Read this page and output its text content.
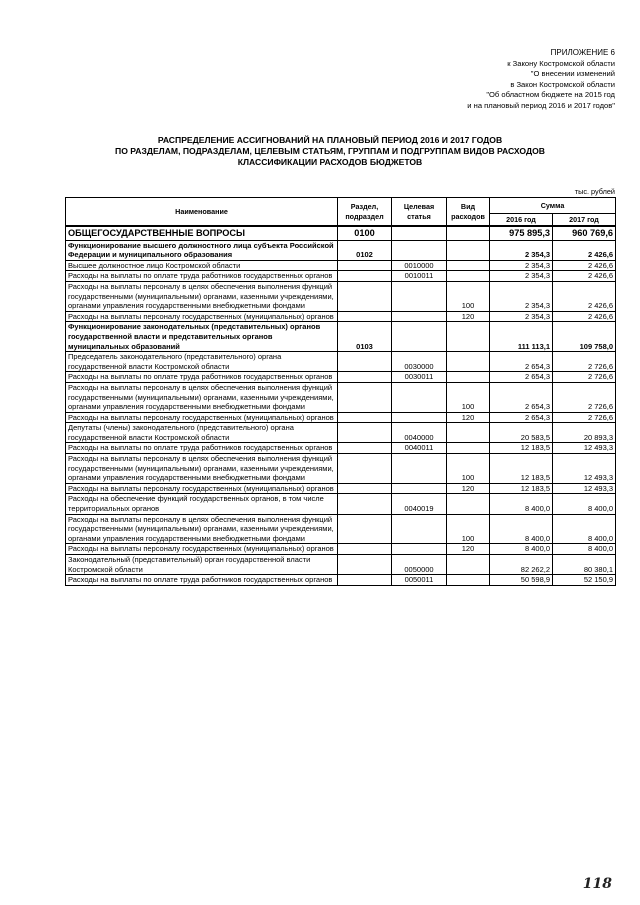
ПРИЛОЖЕНИЕ 6
к Закону Костромской области
"О внесении изменений
в Закон Костромской области
"Об областном бюджете на 2015 год
и на плановый период 2016 и 2017 годов"
РАСПРЕДЕЛЕНИЕ АССИГНОВАНИЙ НА ПЛАНОВЫЙ ПЕРИОД 2016 И 2017 ГОДОВ
ПО РАЗДЕЛАМ, ПОДРАЗДЕЛАМ, ЦЕЛЕВЫМ СТАТЬЯМ, ГРУППАМ И ПОДГРУППАМ ВИДОВ РАСХОДОВ
КЛАССИФИКАЦИИ РАСХОДОВ БЮДЖЕТОВ
тыс. рублей
Наименование	Раздел, подраздел	Целевая статья	Вид расходов	Сумма	
				2016 год	2017 год
ОБЩЕГОСУДАРСТВЕННЫЕ ВОПРОСЫ	0100			975 895,3	960 769,6
Функционирование высшего должностного лица субъекта Российской Федерации и муниципального образования	0102			2 354,3	2 426,6
Высшее должностное лицо Костромской области		0010000		2 354,3	2 426,6
Расходы на выплаты по оплате труда работников государственных органов		0010011		2 354,3	2 426,6
Расходы на выплаты персоналу в целях обеспечения выполнения функций государственными (муниципальными) органами, казенными учреждениями, органами управления государственными внебюджетными фондами			100	2 354,3	2 426,6
Расходы на выплаты персоналу государственных (муниципальных) органов			120	2 354,3	2 426,6
Функционирование законодательных (представительных) органов государственной власти и представительных органов муниципальных образований	0103			111 113,1	109 758,0
Председатель законодательного (представительного) органа государственной власти Костромской области		0030000		2 654,3	2 726,6
Расходы на выплаты по оплате труда работников государственных органов		0030011		2 654,3	2 726,6
Расходы на выплаты персоналу в целях обеспечения выполнения функций государственными (муниципальными) органами, казенными учреждениями, органами управления государственными внебюджетными фондами			100	2 654,3	2 726,6
Расходы на выплаты персоналу государственных (муниципальных) органов			120	2 654,3	2 726,6
Депутаты (члены) законодательного (представительного) органа государственной власти Костромской области		0040000		20 583,5	20 893,3
Расходы на выплаты по оплате труда работников государственных органов		0040011		12 183,5	12 493,3
Расходы на выплаты персоналу в целях обеспечения выполнения функций государственными (муниципальными) органами, казенными учреждениями, органами управления государственными внебюджетными фондами			100	12 183,5	12 493,3
Расходы на выплаты персоналу государственных (муниципальных) органов			120	12 183,5	12 493,3
Расходы на обеспечение функций государственных органов, в том числе территориальных органов		0040019		8 400,0	8 400,0
Расходы на выплаты персоналу в целях обеспечения выполнения функций государственными (муниципальными) органами, казенными учреждениями, органами управления государственными внебюджетными фондами			100	8 400,0	8 400,0
Расходы на выплаты персоналу государственных (муниципальных) органов			120	8 400,0	8 400,0
Законодательный (представительный) орган государственной власти Костромской области		0050000		82 262,2	80 380,1
Расходы на выплаты по оплате труда работников государственных органов		0050011		50 598,9	52 150,9
118
